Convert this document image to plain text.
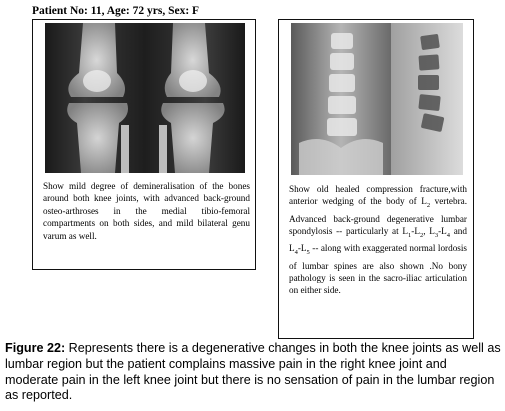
Patient No: 11, Age: 72 yrs, Sex: F
Show mild degree of demineralisation of the bones around both knee joints, with advanced back-ground osteo-arthroses in the medial tibio-femoral compartments on both sides, and mild bilateral genu varum as well.
Show old healed compression fracture,with anterior wedging of the body of $L_2$ vertebra. Advanced back-ground degenerative lumbar spondylosis -- particularly at $L_1-L_2$, $L_3-L_4$ and $L_4-L_5$ -- along with exaggerated normal lordosis of lumbar spines are also shown .No bony pathology is seen in the sacro-iliac articulation on either side.
Figure 22: Represents there is a degenerative changes in both the knee joints as well as lumbar region but the patient complains massive pain in the right knee joint and moderate pain in the left knee joint but there is no sensation of pain in the lumbar region as reported.
